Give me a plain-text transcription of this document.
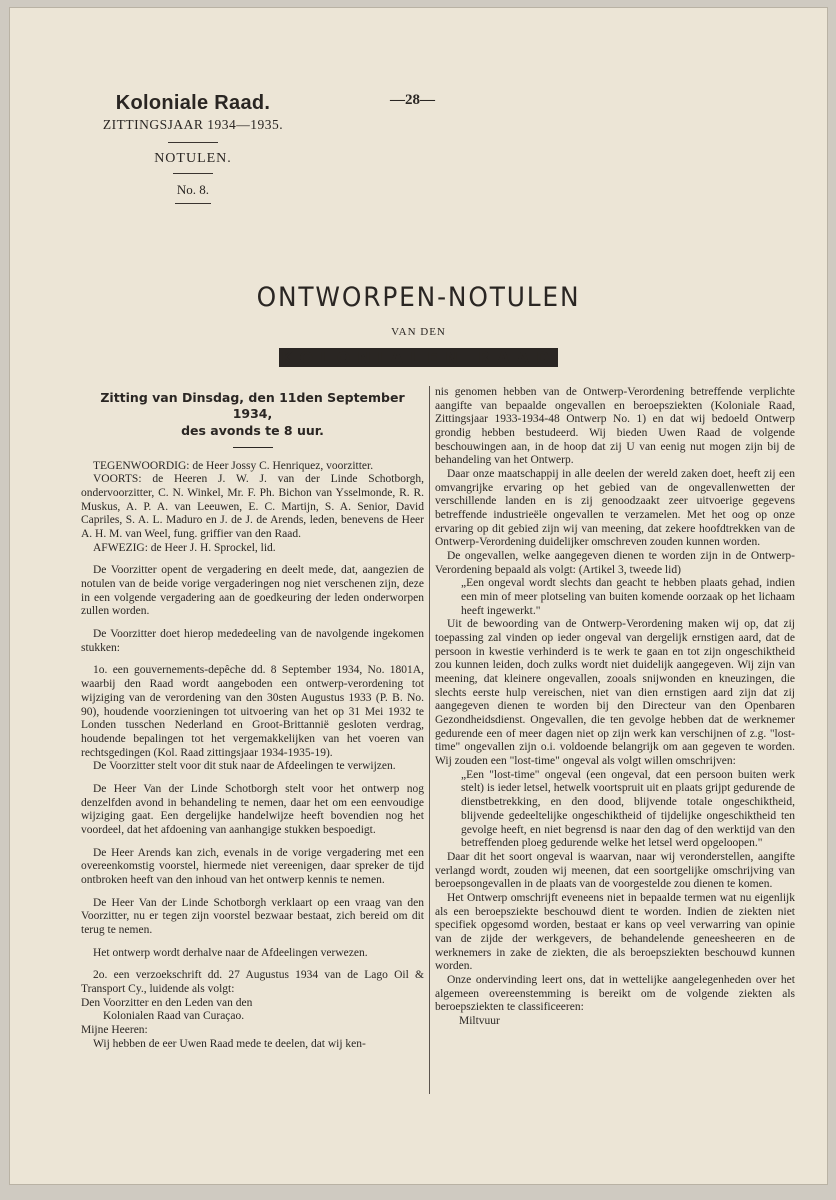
Koloniale Raad.
ZITTINGSJAAR 1934—1935.
NOTULEN.
No. 8.
—28—
ONTWORPEN-NOTULEN
VAN DEN
KOLONIALEN RAAD
Zitting van Dinsdag, den 11den September 1934,
des avonds te 8 uur.

TEGENWOORDIG: de Heer Jossy C. Henriquez, voorzitter.

VOORTS: de Heeren J. W. J. van der Linde Schotborgh, ondervoorzitter, C. N. Winkel, Mr. F. Ph. Bichon van Ysselmonde, R. R. Muskus, A. P. A. van Leeuwen, E. C. Martijn, S. A. Senior, David Capriles, S. A. L. Maduro en J. de J. de Arends, leden, benevens de Heer A. H. M. van Weel, fung. griffier van den Raad.

AFWEZIG: de Heer J. H. Sprockel, lid.

De Voorzitter opent de vergadering en deelt mede, dat, aangezien de notulen van de beide vorige vergaderingen nog niet verschenen zijn, deze in een volgende vergadering aan de goedkeuring der leden onderworpen zullen worden.

De Voorzitter doet hierop mededeeling van de navolgende ingekomen stukken:

1o. een gouvernements-depêche dd. 8 September 1934, No. 1801A, waarbij den Raad wordt aangeboden een ontwerp-verordening tot wijziging van de verordening van den 30sten Augustus 1933 (P. B. No. 90), houdende voorzieningen tot uitvoering van het op 31 Mei 1932 te Londen tusschen Nederland en Groot-Brittannië gesloten verdrag, houdende bepalingen tot het vergemakkelijken van het voeren van rechtsgedingen (Kol. Raad zittingsjaar 1934-1935-19).

De Voorzitter stelt voor dit stuk naar de Afdeelingen te verwijzen.

De Heer Van der Linde Schotborgh stelt voor het ontwerp nog denzelfden avond in behandeling te nemen, daar het om een eenvoudige wijziging gaat. Een dergelijke handelwijze heeft bovendien nog het voordeel, dat het afdoening van aanhangige stukken bespoedigt.

De Heer Arends kan zich, evenals in de vorige vergadering met een overeenkomstig voorstel, hiermede niet vereenigen, daar spreker de tijd ontbroken heeft van den inhoud van het ontwerp kennis te nemen.

De Heer Van der Linde Schotborgh verklaart op een vraag van den Voorzitter, nu er tegen zijn voorstel bezwaar bestaat, zich bereid om dit terug te nemen.

Het ontwerp wordt derhalve naar de Afdeelingen verwezen.

2o. een verzoekschrift dd. 27 Augustus 1934 van de Lago Oil & Transport Cy., luidende als volgt:

Den Voorzitter en den Leden van den

Kolonialen Raad van Curaçao.

Mijne Heeren:

Wij hebben de eer Uwen Raad mede te deelen, dat wij ken-

nis genomen hebben van de Ontwerp-Verordening betreffende verplichte aangifte van bepaalde ongevallen en beroepsziekten (Koloniale Raad, Zittingsjaar 1933-1934-48 Ontwerp No. 1) en dat wij bedoeld Ontwerp grondig hebben bestudeerd. Wij bieden Uwen Raad de volgende beschouwingen aan, in de hoop dat zij U van eenig nut mogen zijn bij de behandeling van het Ontwerp.

Daar onze maatschappij in alle deelen der wereld zaken doet, heeft zij een omvangrijke ervaring op het gebied van de ongevallenwetten der verschillende landen en is zij genoodzaakt zeer uitvoerige gegevens betreffende industrieële ongevallen te verzamelen. Met het oog op onze ervaring op dit gebied zijn wij van meening, dat zekere hoofdtrekken van de Ontwerp-Verordening duidelijker omschreven zouden kunnen worden.

De ongevallen, welke aangegeven dienen te worden zijn in de Ontwerp-Verordening bepaald als volgt: (Artikel 3, tweede lid)

„Een ongeval wordt slechts dan geacht te hebben plaats gehad, indien een min of meer plotseling van buiten komende oorzaak op het lichaam heeft ingewerkt."

Uit de bewoording van de Ontwerp-Verordening maken wij op, dat zij toepassing zal vinden op ieder ongeval van dergelijk ernstigen aard, dat de persoon in kwestie verhinderd is te werk te gaan en tot zijn ongeschiktheid zou kunnen leiden, doch zulks wordt niet duidelijk aangegeven. Wij zijn van meening, dat kleinere ongevallen, zooals snijwonden en kneuzingen, die slechts eerste hulp vereischen, niet van dien ernstigen aard zijn dat zij aangegeven dienen te worden bij den Directeur van den Openbaren Gezondheidsdienst. Ongevallen, die ten gevolge hebben dat de werknemer gedurende een of meer dagen niet op zijn werk kan verschijnen of z.g. "lost-time" ongevallen zijn o.i. voldoende belangrijk om aan gegeven te worden. Wij zouden een "lost-time" ongeval als volgt willen omschrijven:

„Een "lost-time" ongeval (een ongeval, dat een persoon buiten werk stelt) is ieder letsel, hetwelk voortspruit uit en plaats grijpt gedurende de dienstbetrekking, en den dood, blijvende totale ongeschiktheid, blijvende gedeeltelijke ongeschiktheid of tijdelijke ongeschiktheid ten gevolge heeft, en niet begrensd is naar den dag of den werktijd van den betreffenden ploeg gedurende welke het letsel werd opgeloopen."

Daar dit het soort ongeval is waarvan, naar wij veronderstellen, aangifte verlangd wordt, zouden wij meenen, dat een soortgelijke omschrijving van beroepsongevallen in de plaats van de voorgestelde zou dienen te komen.

Het Ontwerp omschrijft eveneens niet in bepaalde termen wat nu eigenlijk als een beroepsziekte beschouwd dient te worden. Indien de ziekten niet specifiek opgesomd worden, bestaat er kans op veel verwarring van opinie van de zijde der werkgevers, de behandelende geneesheeren en de werknemers in zake de ziekten, die als beroepsziekten beschouwd kunnen worden.

Onze ondervinding leert ons, dat in wettelijke aangelegenheden over het algemeen overeenstemming is bereikt om de volgende ziekten als beroepsziekten te classificeeren:

Miltvuur
